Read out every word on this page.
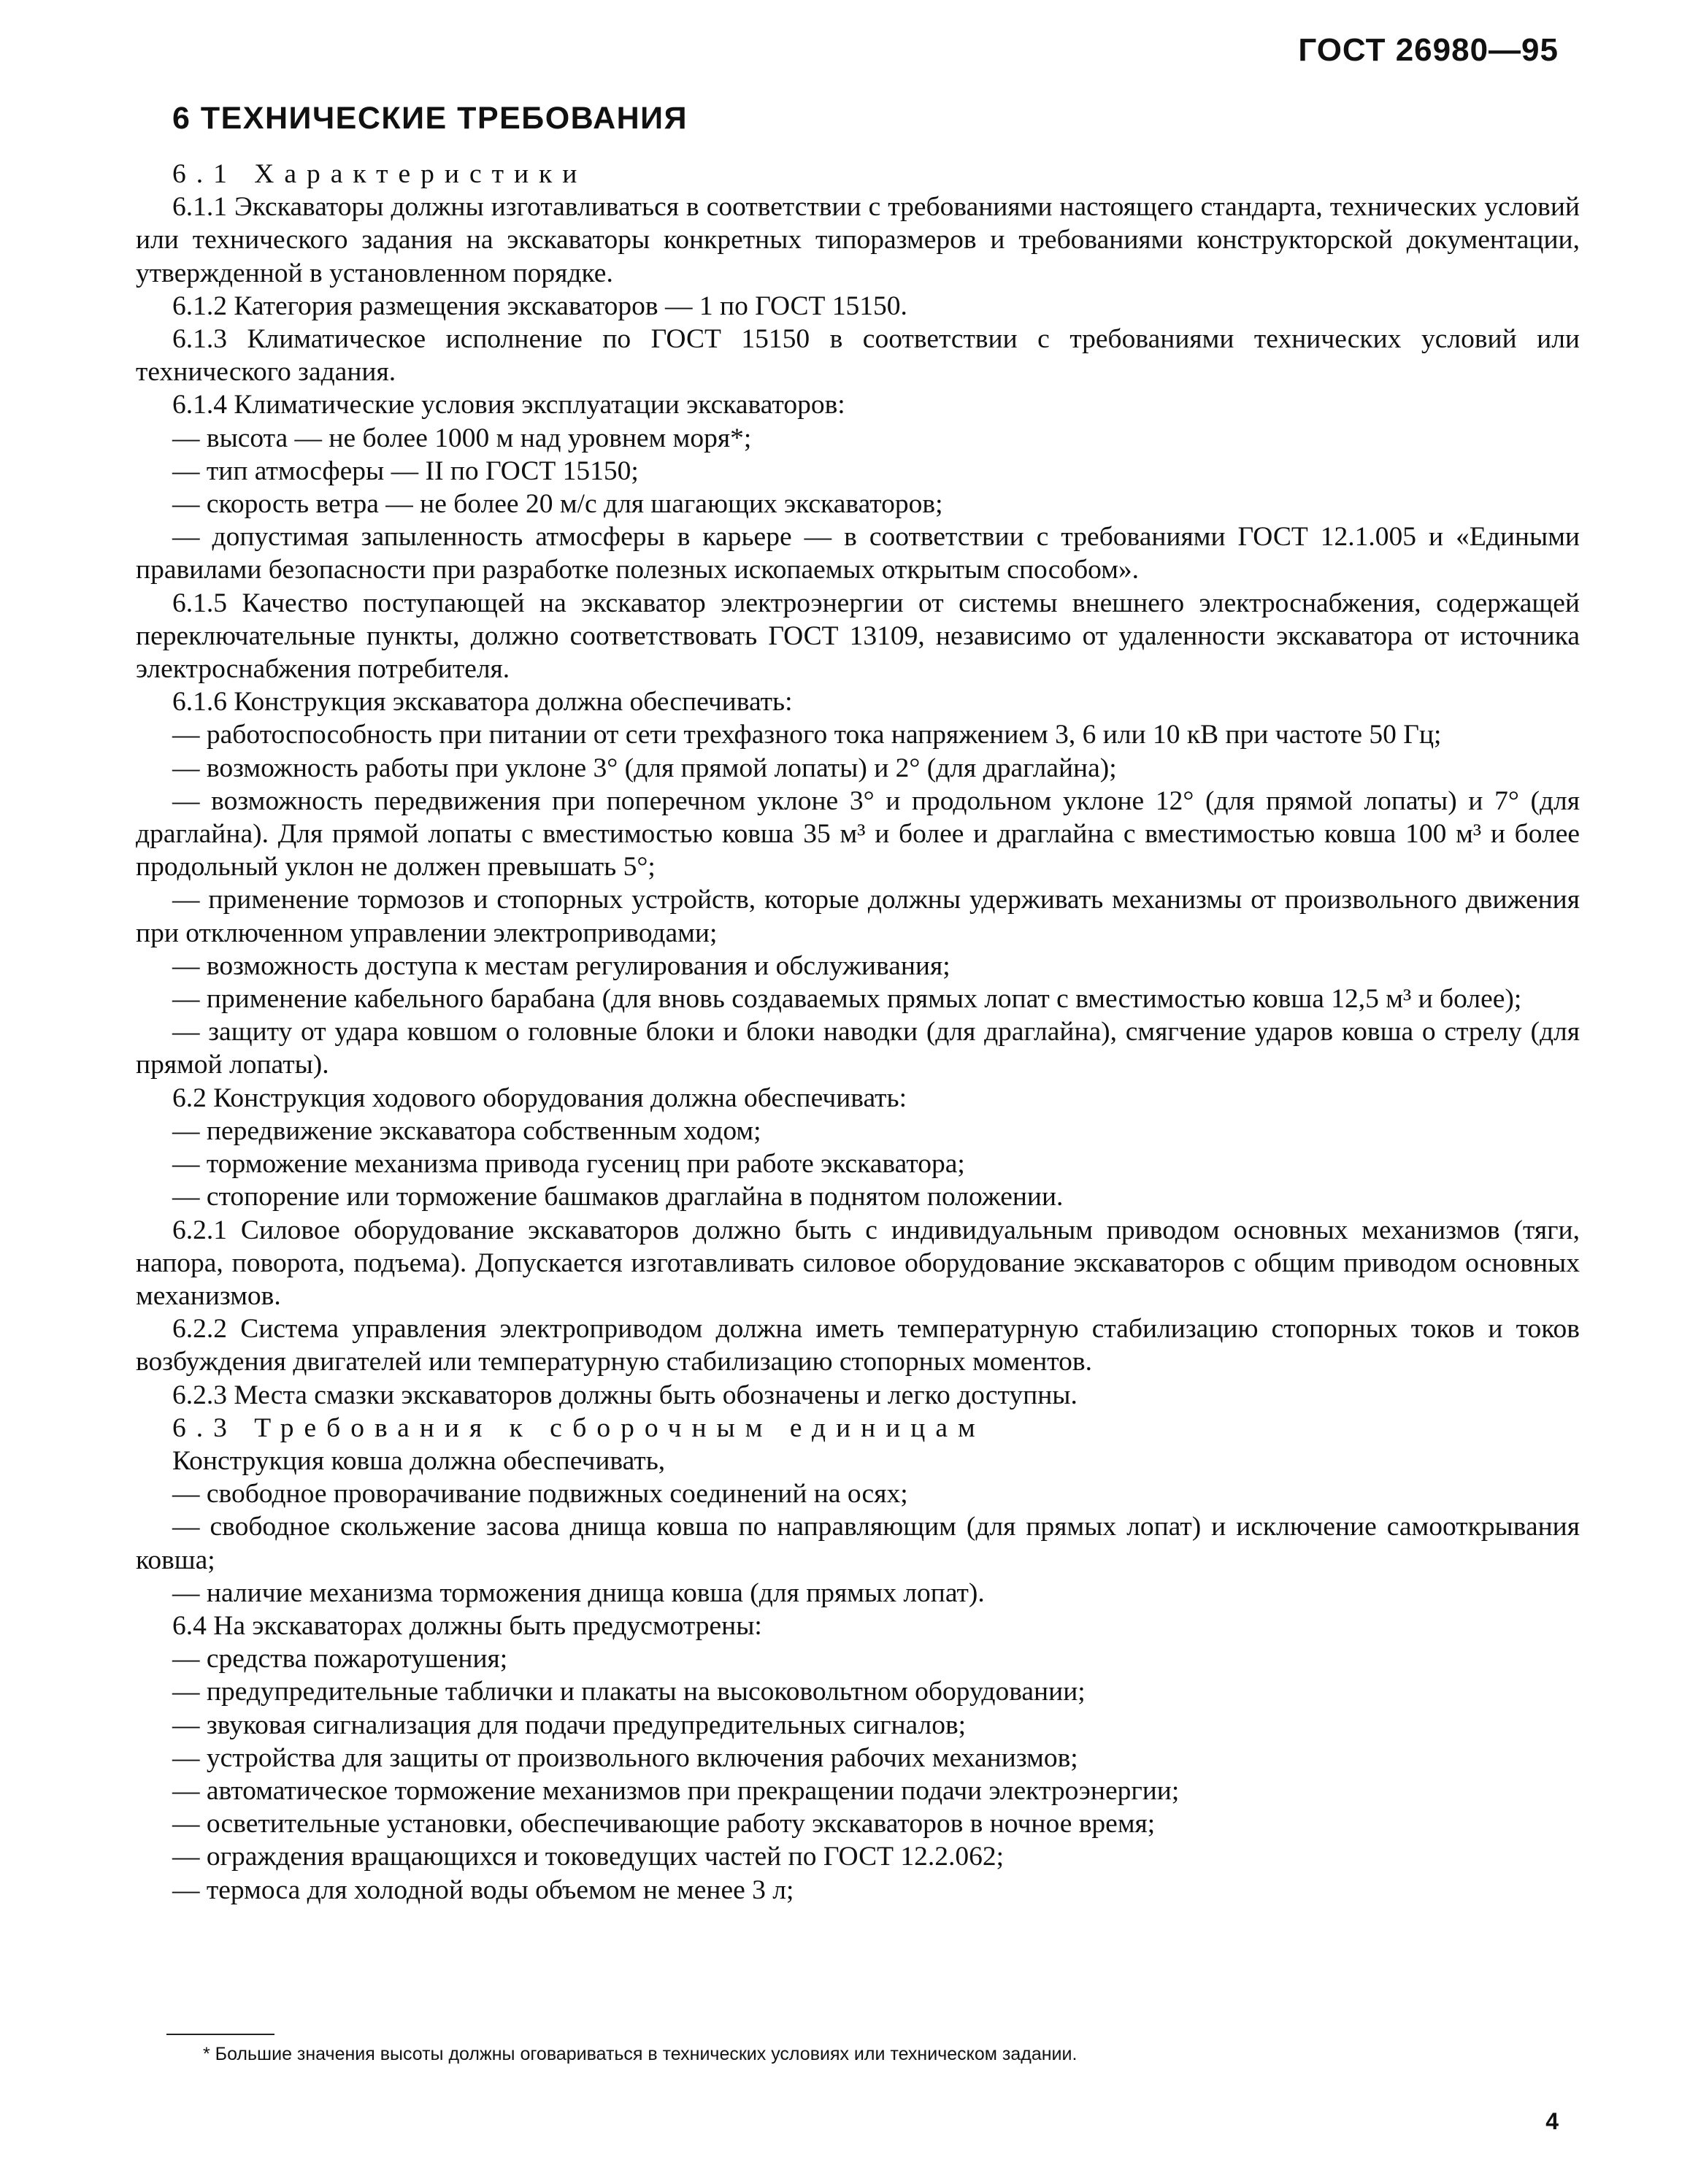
ГОСТ 26980—95
6 ТЕХНИЧЕСКИЕ ТРЕБОВАНИЯ

6.1 Характеристики

6.1.1 Экскаваторы должны изготавливаться в соответствии с требованиями настоящего стандарта, технических условий или технического задания на экскаваторы конкретных типоразмеров и требованиями конструкторской документации, утвержденной в установленном порядке.

6.1.2 Категория размещения экскаваторов — 1 по ГОСТ 15150.

6.1.3 Климатическое исполнение по ГОСТ 15150 в соответствии с требованиями технических условий или технического задания.

6.1.4 Климатические условия эксплуатации экскаваторов:

— высота — не более 1000 м над уровнем моря*;

— тип атмосферы — II по ГОСТ 15150;

— скорость ветра — не более 20 м/с для шагающих экскаваторов;

— допустимая запыленность атмосферы в карьере — в соответствии с требованиями ГОСТ 12.1.005 и «Едиными правилами безопасности при разработке полезных ископаемых открытым способом».

6.1.5 Качество поступающей на экскаватор электроэнергии от системы внешнего электроснабжения, содержащей переключательные пункты, должно соответствовать ГОСТ 13109, независимо от удаленности экскаватора от источника электроснабжения потребителя.

6.1.6 Конструкция экскаватора должна обеспечивать:

— работоспособность при питании от сети трехфазного тока напряжением 3, 6 или 10 кВ при частоте 50 Гц;

— возможность работы при уклоне 3° (для прямой лопаты) и 2° (для драглайна);

— возможность передвижения при поперечном уклоне 3° и продольном уклоне 12° (для прямой лопаты) и 7° (для драглайна). Для прямой лопаты с вместимостью ковша 35 м³ и более и драглайна с вместимостью ковша 100 м³ и более продольный уклон не должен превышать 5°;

— применение тормозов и стопорных устройств, которые должны удерживать механизмы от произвольного движения при отключенном управлении электроприводами;

— возможность доступа к местам регулирования и обслуживания;

— применение кабельного барабана (для вновь создаваемых прямых лопат с вместимостью ковша 12,5 м³ и более);

— защиту от удара ковшом о головные блоки и блоки наводки (для драглайна), смягчение ударов ковша о стрелу (для прямой лопаты).

6.2 Конструкция ходового оборудования должна обеспечивать:

— передвижение экскаватора собственным ходом;

— торможение механизма привода гусениц при работе экскаватора;

— стопорение или торможение башмаков драглайна в поднятом положении.

6.2.1 Силовое оборудование экскаваторов должно быть с индивидуальным приводом основных механизмов (тяги, напора, поворота, подъема). Допускается изготавливать силовое оборудование экскаваторов с общим приводом основных механизмов.

6.2.2 Система управления электроприводом должна иметь температурную стабилизацию стопорных токов и токов возбуждения двигателей или температурную стабилизацию стопорных моментов.

6.2.3 Места смазки экскаваторов должны быть обозначены и легко доступны.

6.3 Требования к сборочным единицам

Конструкция ковша должна обеспечивать,

— свободное проворачивание подвижных соединений на осях;

— свободное скольжение засова днища ковша по направляющим (для прямых лопат) и исключение самооткрывания ковша;

— наличие механизма торможения днища ковша (для прямых лопат).

6.4 На экскаваторах должны быть предусмотрены:

— средства пожаротушения;

— предупредительные таблички и плакаты на высоковольтном оборудовании;

— звуковая сигнализация для подачи предупредительных сигналов;

— устройства для защиты от произвольного включения рабочих механизмов;

— автоматическое торможение механизмов при прекращении подачи электроэнергии;

— осветительные установки, обеспечивающие работу экскаваторов в ночное время;

— ограждения вращающихся и токоведущих частей по ГОСТ 12.2.062;

— термоса для холодной воды объемом не менее 3 л;

* Большие значения высоты должны оговариваться в технических условиях или техническом задании.
4
